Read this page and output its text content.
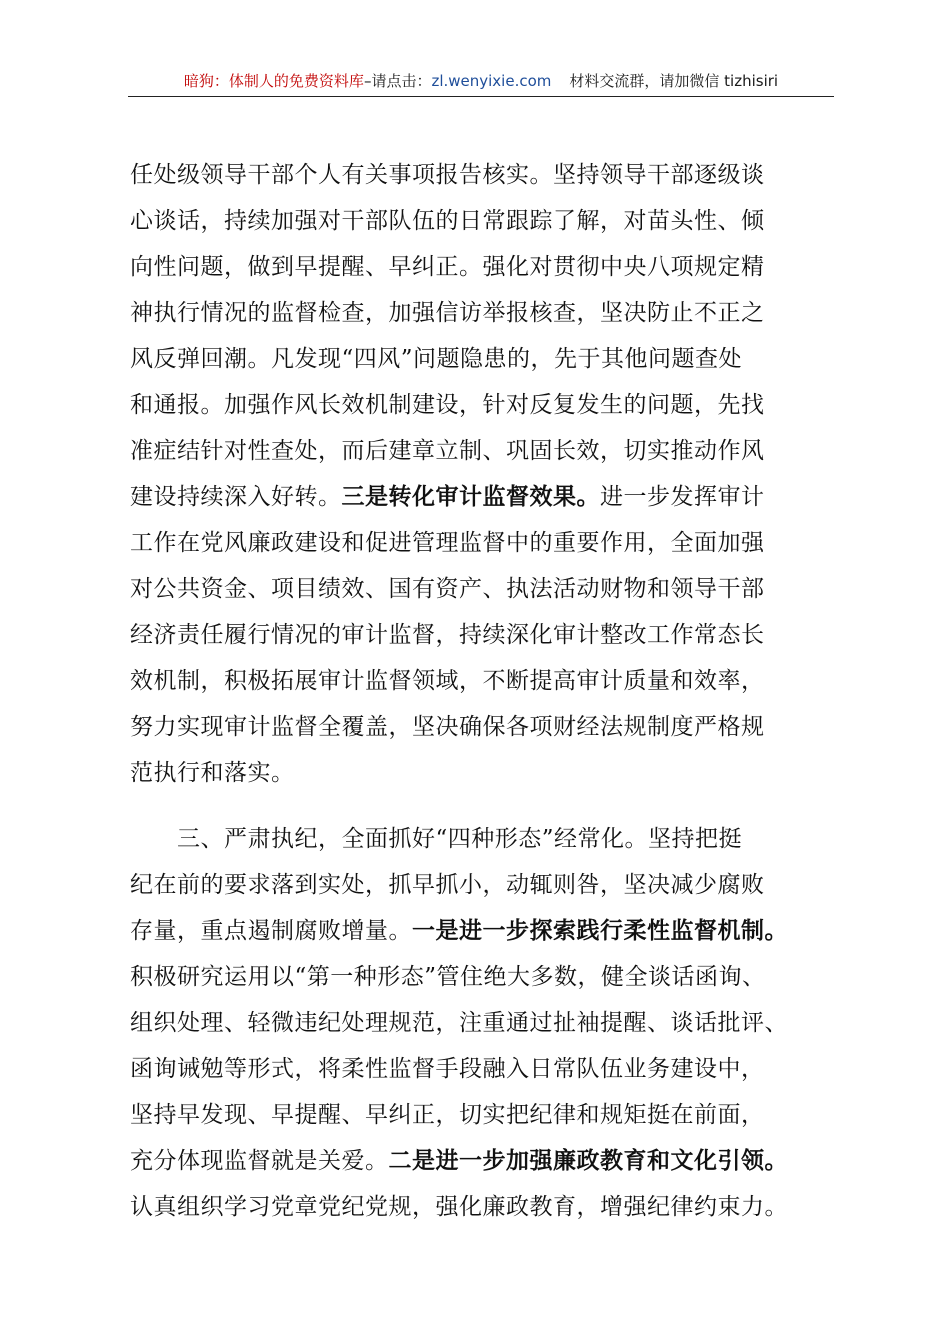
暗狗：体制人的免费资料库–请点击：zl.wenyixie.com 材料交流群，请加微信 tizhisiri
任处级领导干部个人有关事项报告核实。坚持领导干部逐级谈
心谈话，持续加强对干部队伍的日常跟踪了解，对苗头性、倾
向性问题，做到早提醒、早纠正。强化对贯彻中央八项规定精
神执行情况的监督检查，加强信访举报核查，坚决防止不正之
风反弹回潮。凡发现“四风”问题隐患的，先于其他问题查处
和通报。加强作风长效机制建设，针对反复发生的问题，先找
准症结针对性查处，而后建章立制、巩固长效，切实推动作风
建设持续深入好转。三是转化审计监督效果。进一步发挥审计
工作在党风廉政建设和促进管理监督中的重要作用，全面加强
对公共资金、项目绩效、国有资产、执法活动财物和领导干部
经济责任履行情况的审计监督，持续深化审计整改工作常态长
效机制，积极拓展审计监督领域，不断提高审计质量和效率，
努力实现审计监督全覆盖，坚决确保各项财经法规制度严格规
范执行和落实。
三、严肃执纪，全面抓好“四种形态”经常化。坚持把挺
纪在前的要求落到实处，抓早抓小，动辄则咎，坚决减少腐败
存量，重点遏制腐败增量。一是进一步探索践行柔性监督机制。
积极研究运用以“第一种形态”管住绝大多数，健全谈话函询、
组织处理、轻微违纪处理规范，注重通过扯袖提醒、谈话批评、
函询诫勉等形式，将柔性监督手段融入日常队伍业务建设中，
坚持早发现、早提醒、早纠正，切实把纪律和规矩挺在前面，
充分体现监督就是关爱。二是进一步加强廉政教育和文化引领。
认真组织学习党章党纪党规，强化廉政教育，增强纪律约束力。
